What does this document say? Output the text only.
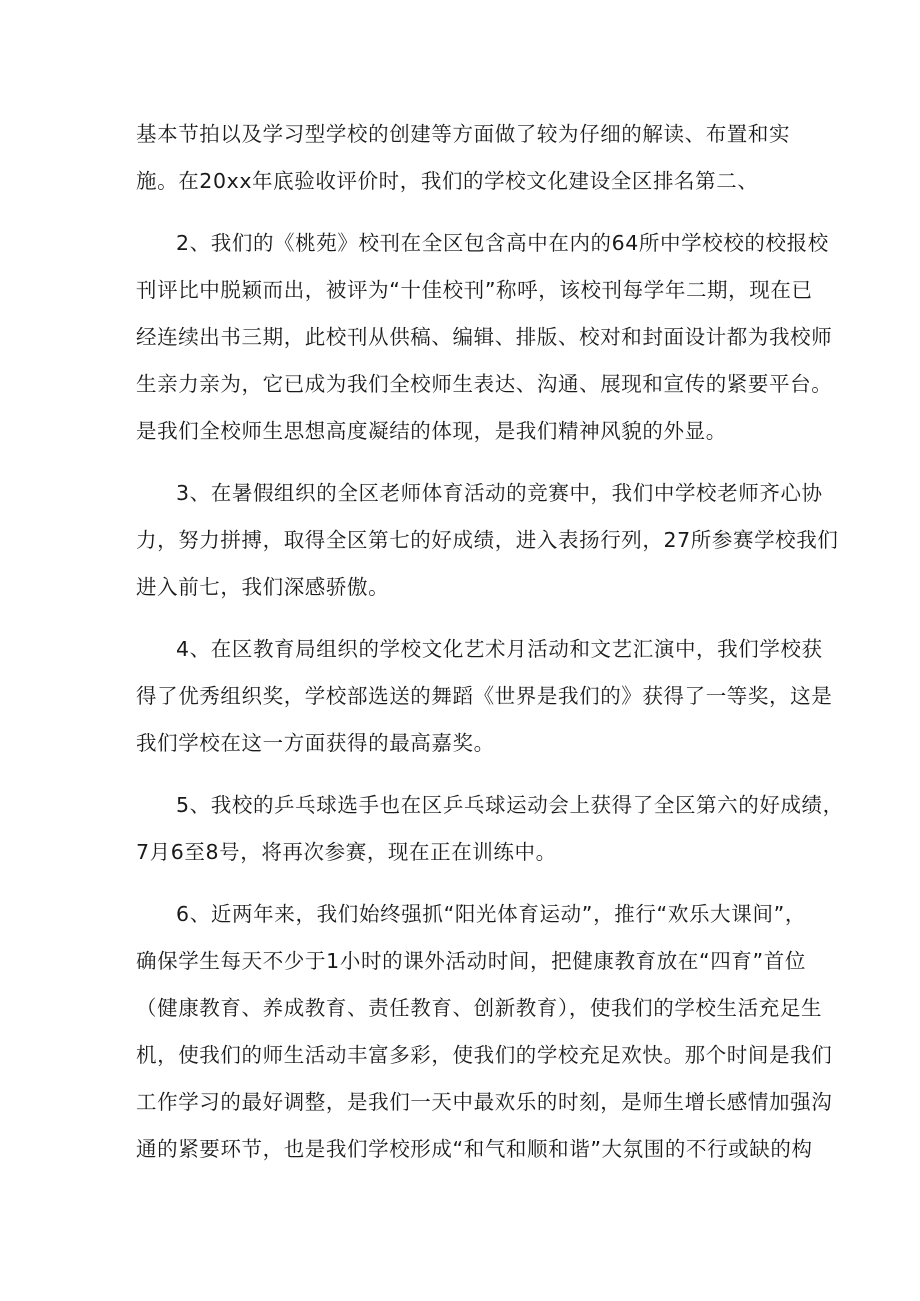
基本节拍以及学习型学校的创建等方面做了较为仔细的解读、布置和实
施。在20xx年底验收评价时，我们的学校文化建设全区排名第二、
2、我们的《桃苑》校刊在全区包含高中在内的64所中学校校的校报校
刊评比中脱颖而出，被评为“十佳校刊”称呼，该校刊每学年二期，现在已
经连续出书三期，此校刊从供稿、编辑、排版、校对和封面设计都为我校师
生亲力亲为，它已成为我们全校师生表达、沟通、展现和宣传的紧要平台。
是我们全校师生思想高度凝结的体现，是我们精神风貌的外显。
3、在暑假组织的全区老师体育活动的竞赛中，我们中学校老师齐心协
力，努力拼搏，取得全区第七的好成绩，进入表扬行列，27所参赛学校我们
进入前七，我们深感骄傲。
4、在区教育局组织的学校文化艺术月活动和文艺汇演中，我们学校获
得了优秀组织奖，学校部选送的舞蹈《世界是我们的》获得了一等奖，这是
我们学校在这一方面获得的最高嘉奖。
5、我校的乒乓球选手也在区乒乓球运动会上获得了全区第六的好成绩，
7月6至8号，将再次参赛，现在正在训练中。
6、近两年来，我们始终强抓“阳光体育运动”，推行“欢乐大课间”，
确保学生每天不少于1小时的课外活动时间，把健康教育放在“四育”首位
（健康教育、养成教育、责任教育、创新教育），使我们的学校生活充足生
机，使我们的师生活动丰富多彩，使我们的学校充足欢快。那个时间是我们
工作学习的最好调整，是我们一天中最欢乐的时刻，是师生增长感情加强沟
通的紧要环节，也是我们学校形成“和气和顺和谐”大氛围的不行或缺的构
